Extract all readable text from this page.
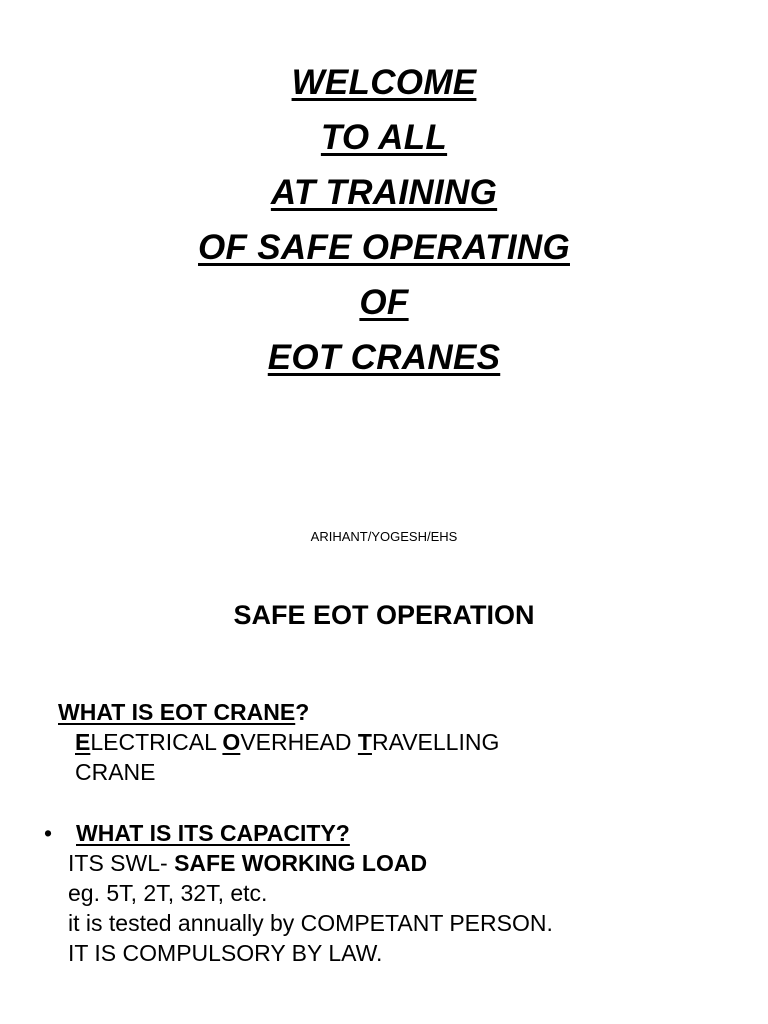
WELCOME
TO ALL
AT TRAINING
OF SAFE OPERATING
OF
EOT CRANES
ARIHANT/YOGESH/EHS
SAFE EOT OPERATION
WHAT IS EOT CRANE?
ELECTRICAL OVERHEAD TRAVELLING
CRANE
•	WHAT IS ITS CAPACITY?
ITS SWL- SAFE WORKING LOAD
eg. 5T, 2T, 32T, etc.
it is tested annually by COMPETANT PERSON.
IT IS COMPULSORY BY LAW.
